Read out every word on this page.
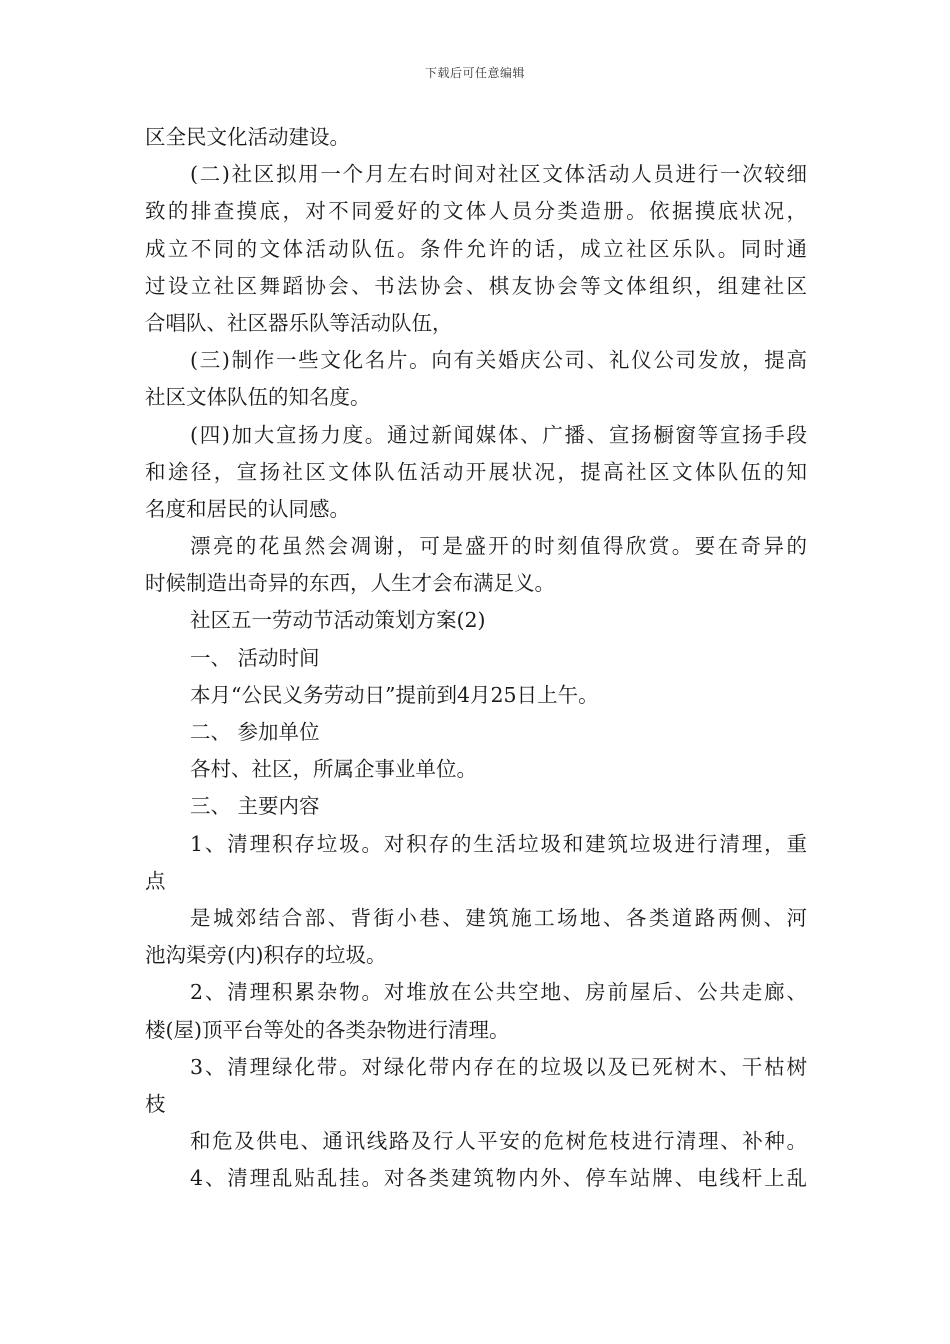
下载后可任意编辑
区全民文化活动建设。
(二)社区拟用一个月左右时间对社区文体活动人员进行一次较细
致的排查摸底，对不同爱好的文体人员分类造册。依据摸底状况，
成立不同的文体活动队伍。条件允许的话，成立社区乐队。同时通
过设立社区舞蹈协会、书法协会、棋友协会等文体组织，组建社区
合唱队、社区器乐队等活动队伍，
(三)制作一些文化名片。向有关婚庆公司、礼仪公司发放，提高
社区文体队伍的知名度。
(四)加大宣扬力度。通过新闻媒体、广播、宣扬橱窗等宣扬手段
和途径，宣扬社区文体队伍活动开展状况，提高社区文体队伍的知
名度和居民的认同感。
漂亮的花虽然会凋谢，可是盛开的时刻值得欣赏。要在奇异的
时候制造出奇异的东西，人生才会布满足义。
社区五一劳动节活动策划方案(2)
一、 活动时间
本月“公民义务劳动日”提前到4月25日上午。
二、 参加单位
各村、社区，所属企事业单位。
三、 主要内容
1、清理积存垃圾。对积存的生活垃圾和建筑垃圾进行清理，重
点
是城郊结合部、背街小巷、建筑施工场地、各类道路两侧、河
池沟渠旁(内)积存的垃圾。
2、清理积累杂物。对堆放在公共空地、房前屋后、公共走廊、
楼(屋)顶平台等处的各类杂物进行清理。
3、清理绿化带。对绿化带内存在的垃圾以及已死树木、干枯树
枝
和危及供电、通讯线路及行人平安的危树危枝进行清理、补种。
4、清理乱贴乱挂。对各类建筑物内外、停车站牌、电线杆上乱
